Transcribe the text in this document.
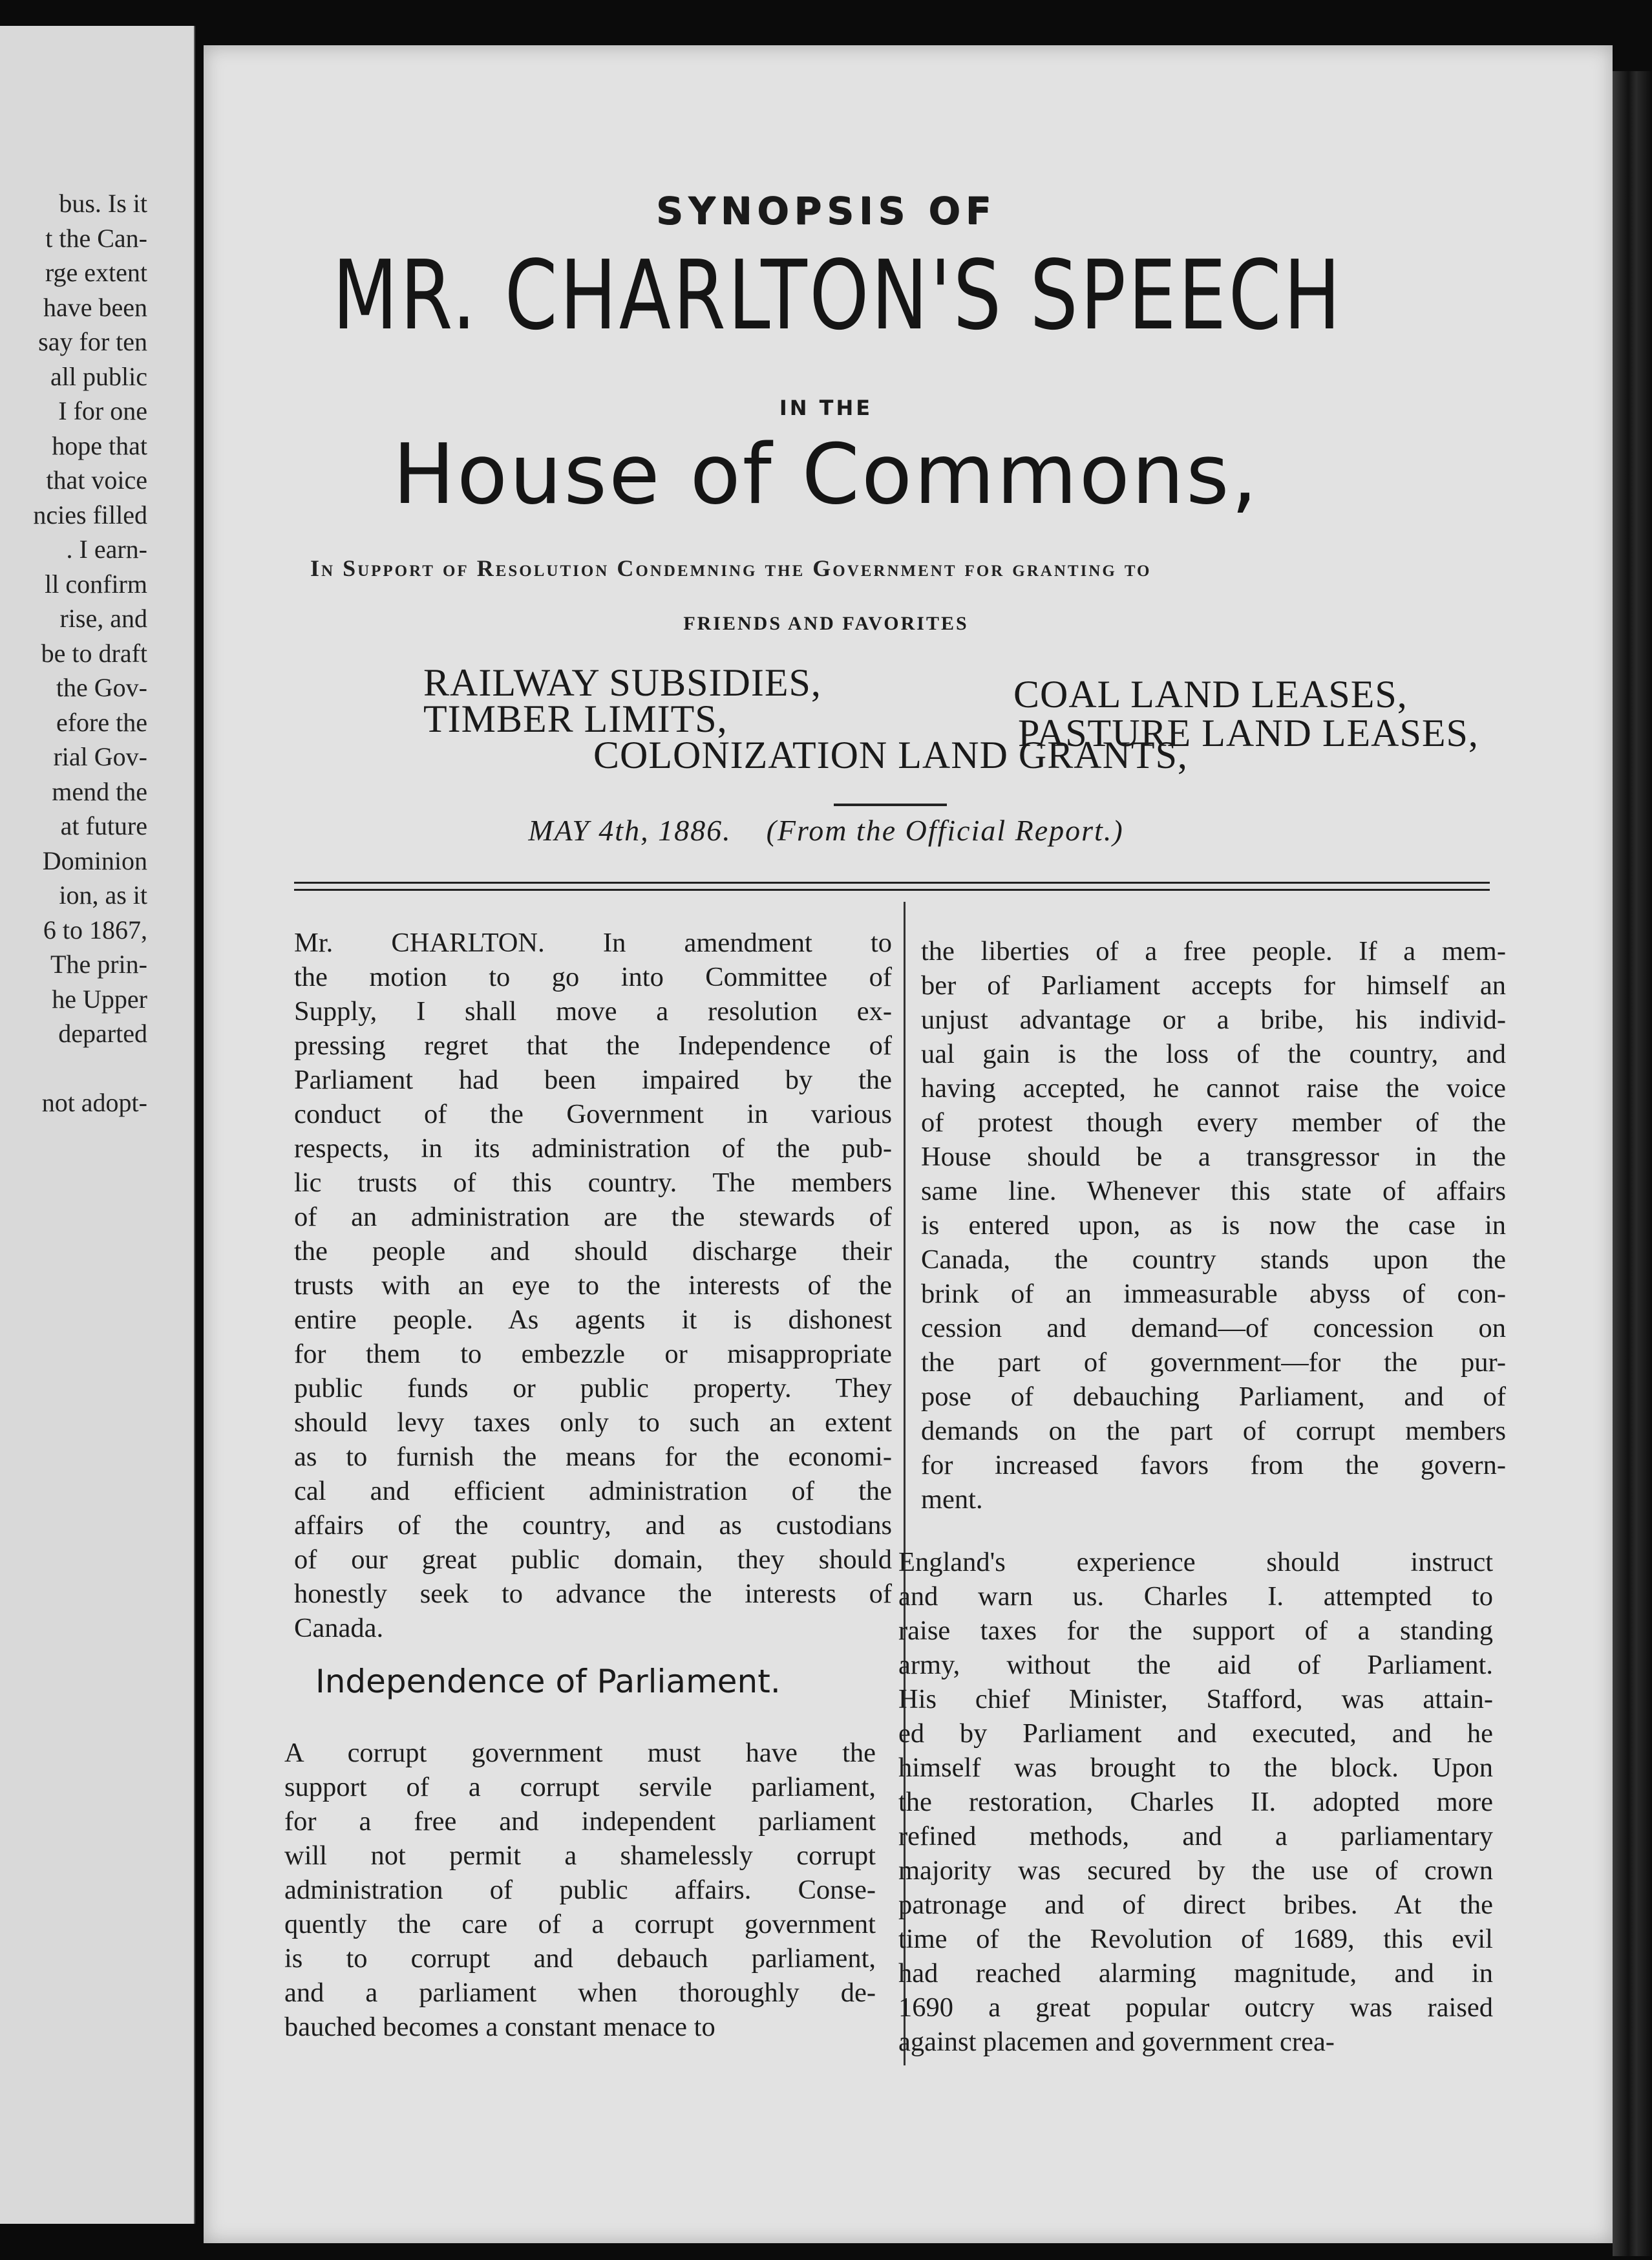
bus. Is it
t the Can-
rge extent
have been
say for ten
all public
I for one
hope that
that voice
ncies filled
. I earn-
ll confirm
rise, and
be to draft
the Gov-
efore the
rial Gov-
mend the
at future
Dominion
ion, as it
6 to 1867,
The prin-
he Upper
departed
not adopt-
SYNOPSIS OF
MR. CHARLTON'S SPEECH
IN THE
House of Commons,
In Support of Resolution Condemning the Government for granting to
FRIENDS AND FAVORITES
RAILWAY SUBSIDIES,
TIMBER LIMITS,
COLONIZATION LAND GRANTS,
COAL LAND LEASES,
PASTURE LAND LEASES,
MAY 4th, 1886. (From the Official Report.)
Mr. CHARLTON. In amendment to
the motion to go into Committee of
Supply, I shall move a resolution ex-
pressing regret that the Independence of
Parliament had been impaired by the
conduct of the Government in various
respects, in its administration of the pub-
lic trusts of this country. The members
of an administration are the stewards of
the people and should discharge their
trusts with an eye to the interests of the
entire people. As agents it is dishonest
for them to embezzle or misappropriate
public funds or public property. They
should levy taxes only to such an extent
as to furnish the means for the economi-
cal and efficient administration of the
affairs of the country, and as custodians
of our great public domain, they should
honestly seek to advance the interests of
Canada.
Independence of Parliament.
A corrupt government must have the
support of a corrupt servile parliament,
for a free and independent parliament
will not permit a shamelessly corrupt
administration of public affairs. Conse-
quently the care of a corrupt government
is to corrupt and debauch parliament,
and a parliament when thoroughly de-
bauched becomes a constant menace to
the liberties of a free people. If a mem-
ber of Parliament accepts for himself an
unjust advantage or a bribe, his individ-
ual gain is the loss of the country, and
having accepted, he cannot raise the voice
of protest though every member of the
House should be a transgressor in the
same line. Whenever this state of affairs
is entered upon, as is now the case in
Canada, the country stands upon the
brink of an immeasurable abyss of con-
cession and demand—of concession on
the part of government—for the pur-
pose of debauching Parliament, and of
demands on the part of corrupt members
for increased favors from the govern-
ment.
England's experience should instruct
and warn us. Charles I. attempted to
raise taxes for the support of a standing
army, without the aid of Parliament.
His chief Minister, Stafford, was attain-
ed by Parliament and executed, and he
himself was brought to the block. Upon
the restoration, Charles II. adopted more
refined methods, and a parliamentary
majority was secured by the use of crown
patronage and of direct bribes. At the
time of the Revolution of 1689, this evil
had reached alarming magnitude, and in
1690 a great popular outcry was raised
against placemen and government crea-
